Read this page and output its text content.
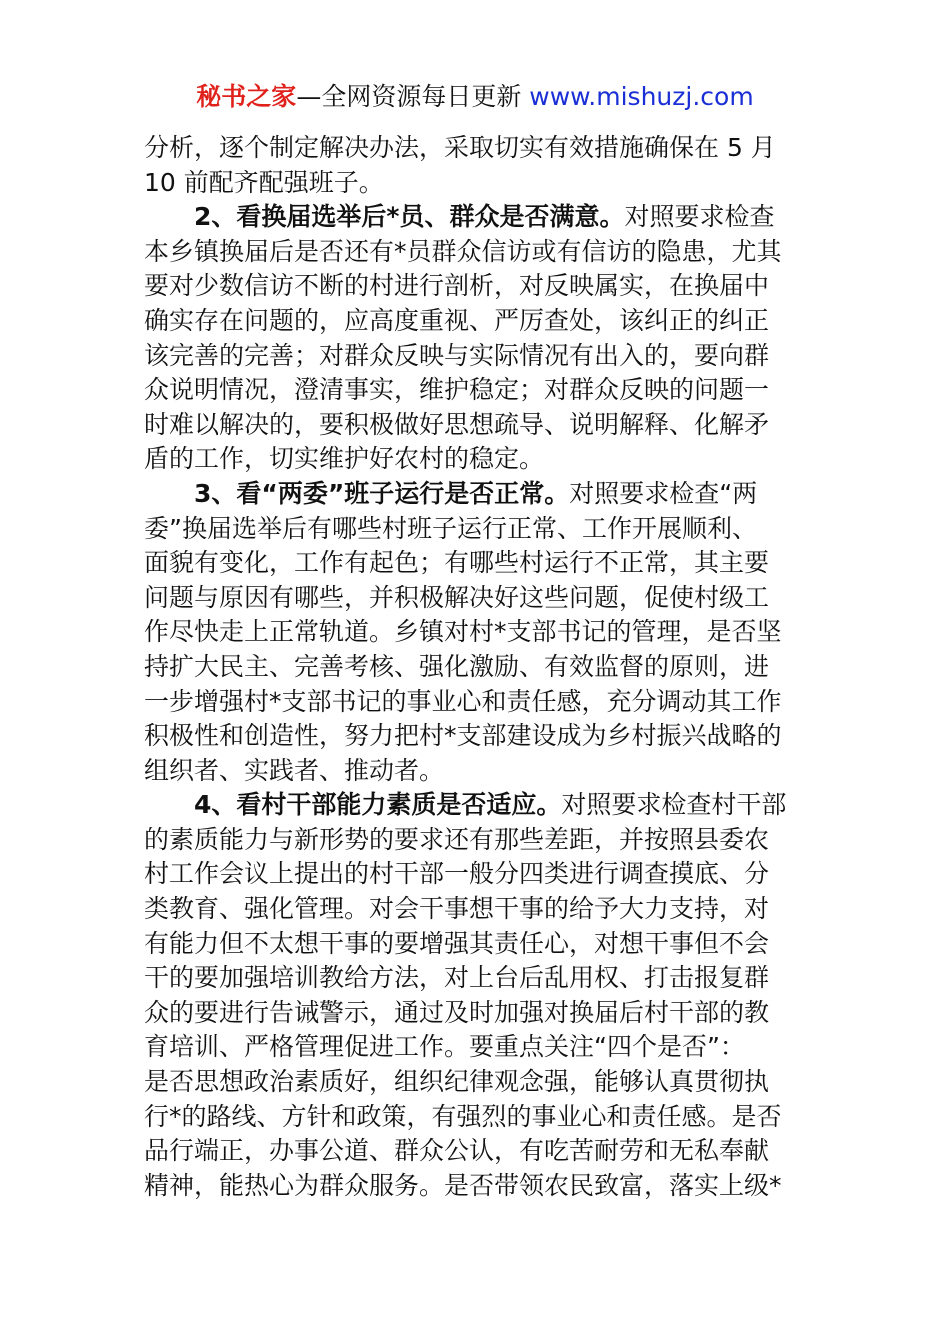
秘书之家—全网资源每日更新 www.mishuzj.com
分析，逐个制定解决办法，采取切实有效措施确保在 5 月
10 前配齐配强班子。
2、看换届选举后*员、群众是否满意。对照要求检查
本乡镇换届后是否还有*员群众信访或有信访的隐患，尤其
要对少数信访不断的村进行剖析，对反映属实，在换届中
确实存在问题的，应高度重视、严厉查处，该纠正的纠正
该完善的完善；对群众反映与实际情况有出入的，要向群
众说明情况，澄清事实，维护稳定；对群众反映的问题一
时难以解决的，要积极做好思想疏导、说明解释、化解矛
盾的工作，切实维护好农村的稳定。
3、看“两委”班子运行是否正常。对照要求检查“两
委”换届选举后有哪些村班子运行正常、工作开展顺利、
面貌有变化，工作有起色；有哪些村运行不正常，其主要
问题与原因有哪些，并积极解决好这些问题，促使村级工
作尽快走上正常轨道。乡镇对村*支部书记的管理，是否坚
持扩大民主、完善考核、强化激励、有效监督的原则，进
一步增强村*支部书记的事业心和责任感，充分调动其工作
积极性和创造性，努力把村*支部建设成为乡村振兴战略的
组织者、实践者、推动者。
4、看村干部能力素质是否适应。对照要求检查村干部
的素质能力与新形势的要求还有那些差距，并按照县委农
村工作会议上提出的村干部一般分四类进行调查摸底、分
类教育、强化管理。对会干事想干事的给予大力支持，对
有能力但不太想干事的要增强其责任心，对想干事但不会
干的要加强培训教给方法，对上台后乱用权、打击报复群
众的要进行告诫警示，通过及时加强对换届后村干部的教
育培训、严格管理促进工作。要重点关注“四个是否”：
是否思想政治素质好，组织纪律观念强，能够认真贯彻执
行*的路线、方针和政策，有强烈的事业心和责任感。是否
品行端正，办事公道、群众公认，有吃苦耐劳和无私奉献
精神，能热心为群众服务。是否带领农民致富，落实上级*
